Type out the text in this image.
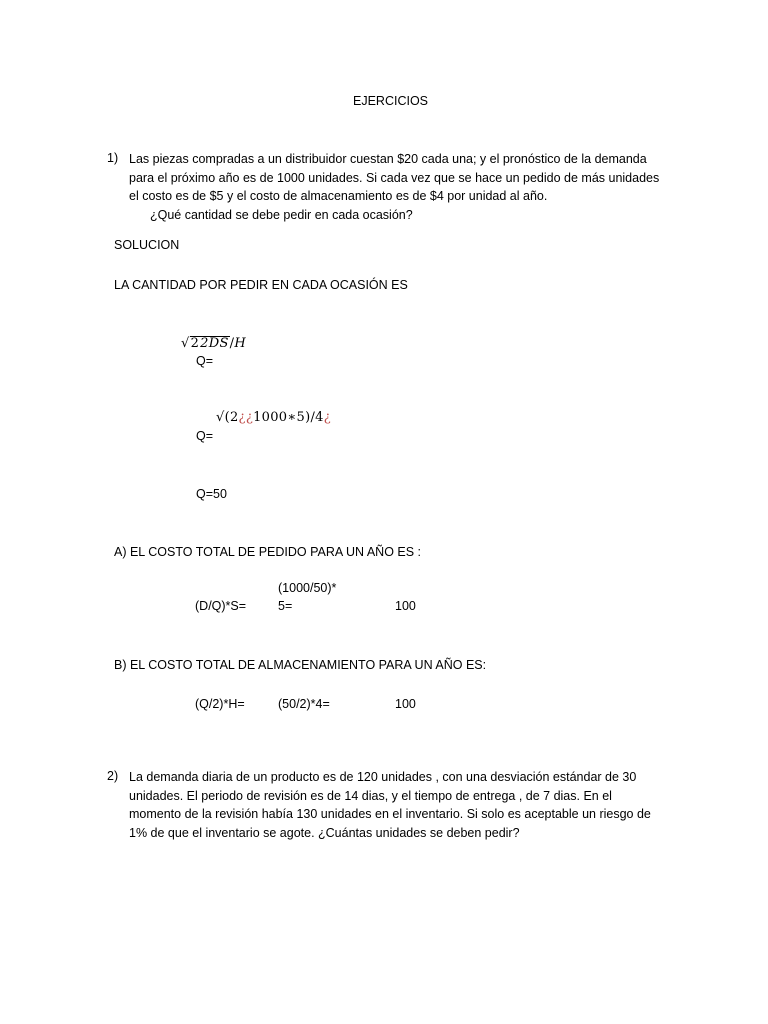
EJERCICIOS
1) Las piezas compradas a un distribuidor cuestan $20 cada una; y el pronóstico de la demanda
para el próximo año es de 1000 unidades. Si cada vez que se hace un pedido de más unidades
el costo es de $5 y el costo de almacenamiento es de $4 por unidad al año.
¿Qué cantidad se debe pedir en cada ocasión?
SOLUCION
LA CANTIDAD POR PEDIR EN CADA OCASIÓN ES
√22DS/H
Q=
√(2¿¿1000∗5)/4¿
Q=
Q=50
A) EL COSTO TOTAL DE PEDIDO PARA UN AÑO ES :
(1000/50)*
(D/Q)*S=	5=	100
B) EL COSTO TOTAL DE ALMACENAMIENTO PARA UN AÑO ES:
(Q/2)*H=	(50/2)*4=	100
2) La demanda diaria de un producto es de 120 unidades , con una desviación estándar de 30
unidades. El periodo de revisión es de 14 dias, y el tiempo de entrega , de 7 dias. En el
momento de la revisión había 130 unidades en el inventario. Si solo es aceptable un riesgo de
1% de que el inventario se agote. ¿Cuántas unidades se deben pedir?
